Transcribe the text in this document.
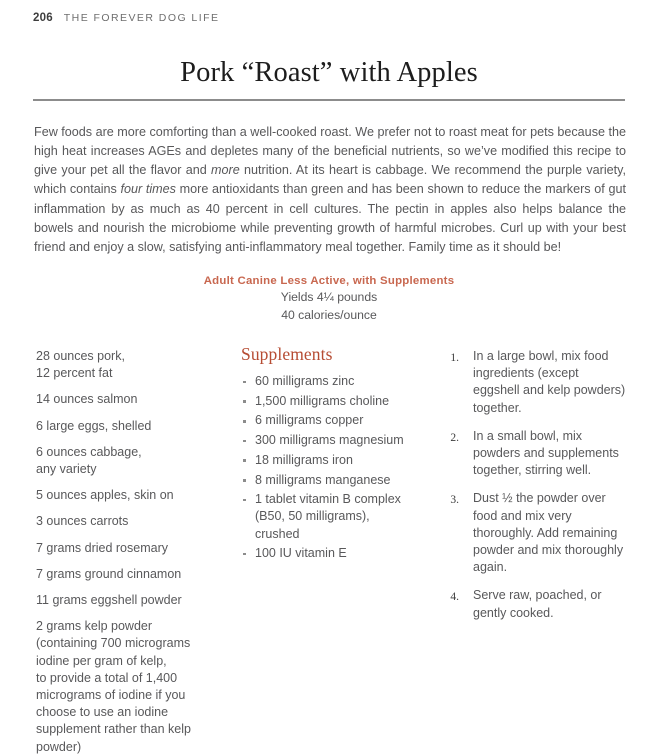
206 THE FOREVER DOG LIFE
Pork “Roast” with Apples

Few foods are more comforting than a well-cooked roast. We prefer not to roast meat for pets because the high heat increases AGEs and depletes many of the beneficial nutrients, so we’ve modified this recipe to give your pet all the flavor and more nutrition. At its heart is cabbage. We recommend the purple variety, which contains four times more antioxidants than green and has been shown to reduce the markers of gut inflammation by as much as 40 percent in cell cultures. The pectin in apples also helps balance the bowels and nourish the microbiome while preventing growth of harmful microbes. Curl up with your best friend and enjoy a slow, satisfying anti-inflammatory meal together. Family time as it should be!

Adult Canine Less Active, with Supplements
Yields 4¼ pounds
40 calories/ounce
28 ounces pork,
12 percent fat
14 ounces salmon
6 large eggs, shelled
6 ounces cabbage,
any variety
5 ounces apples, skin on
3 ounces carrots
7 grams dried rosemary
7 grams ground cinnamon
11 grams eggshell powder
2 grams kelp powder
(containing 700 micrograms
iodine per gram of kelp,
to provide a total of 1,400
micrograms of iodine if you
choose to use an iodine
supplement rather than kelp
powder)
Supplements
60 milligrams zinc
1,500 milligrams choline
6 milligrams copper
300 milligrams magnesium
18 milligrams iron
8 milligrams manganese
1 tablet vitamin B complex
(B50, 50 milligrams),
crushed
100 IU vitamin E
1. In a large bowl, mix food ingredients (except eggshell and kelp powders) together.
2. In a small bowl, mix powders and supplements together, stirring well.
3. Dust ½ the powder over food and mix very thoroughly. Add remaining powder and mix thoroughly again.
4. Serve raw, poached, or gently cooked.
